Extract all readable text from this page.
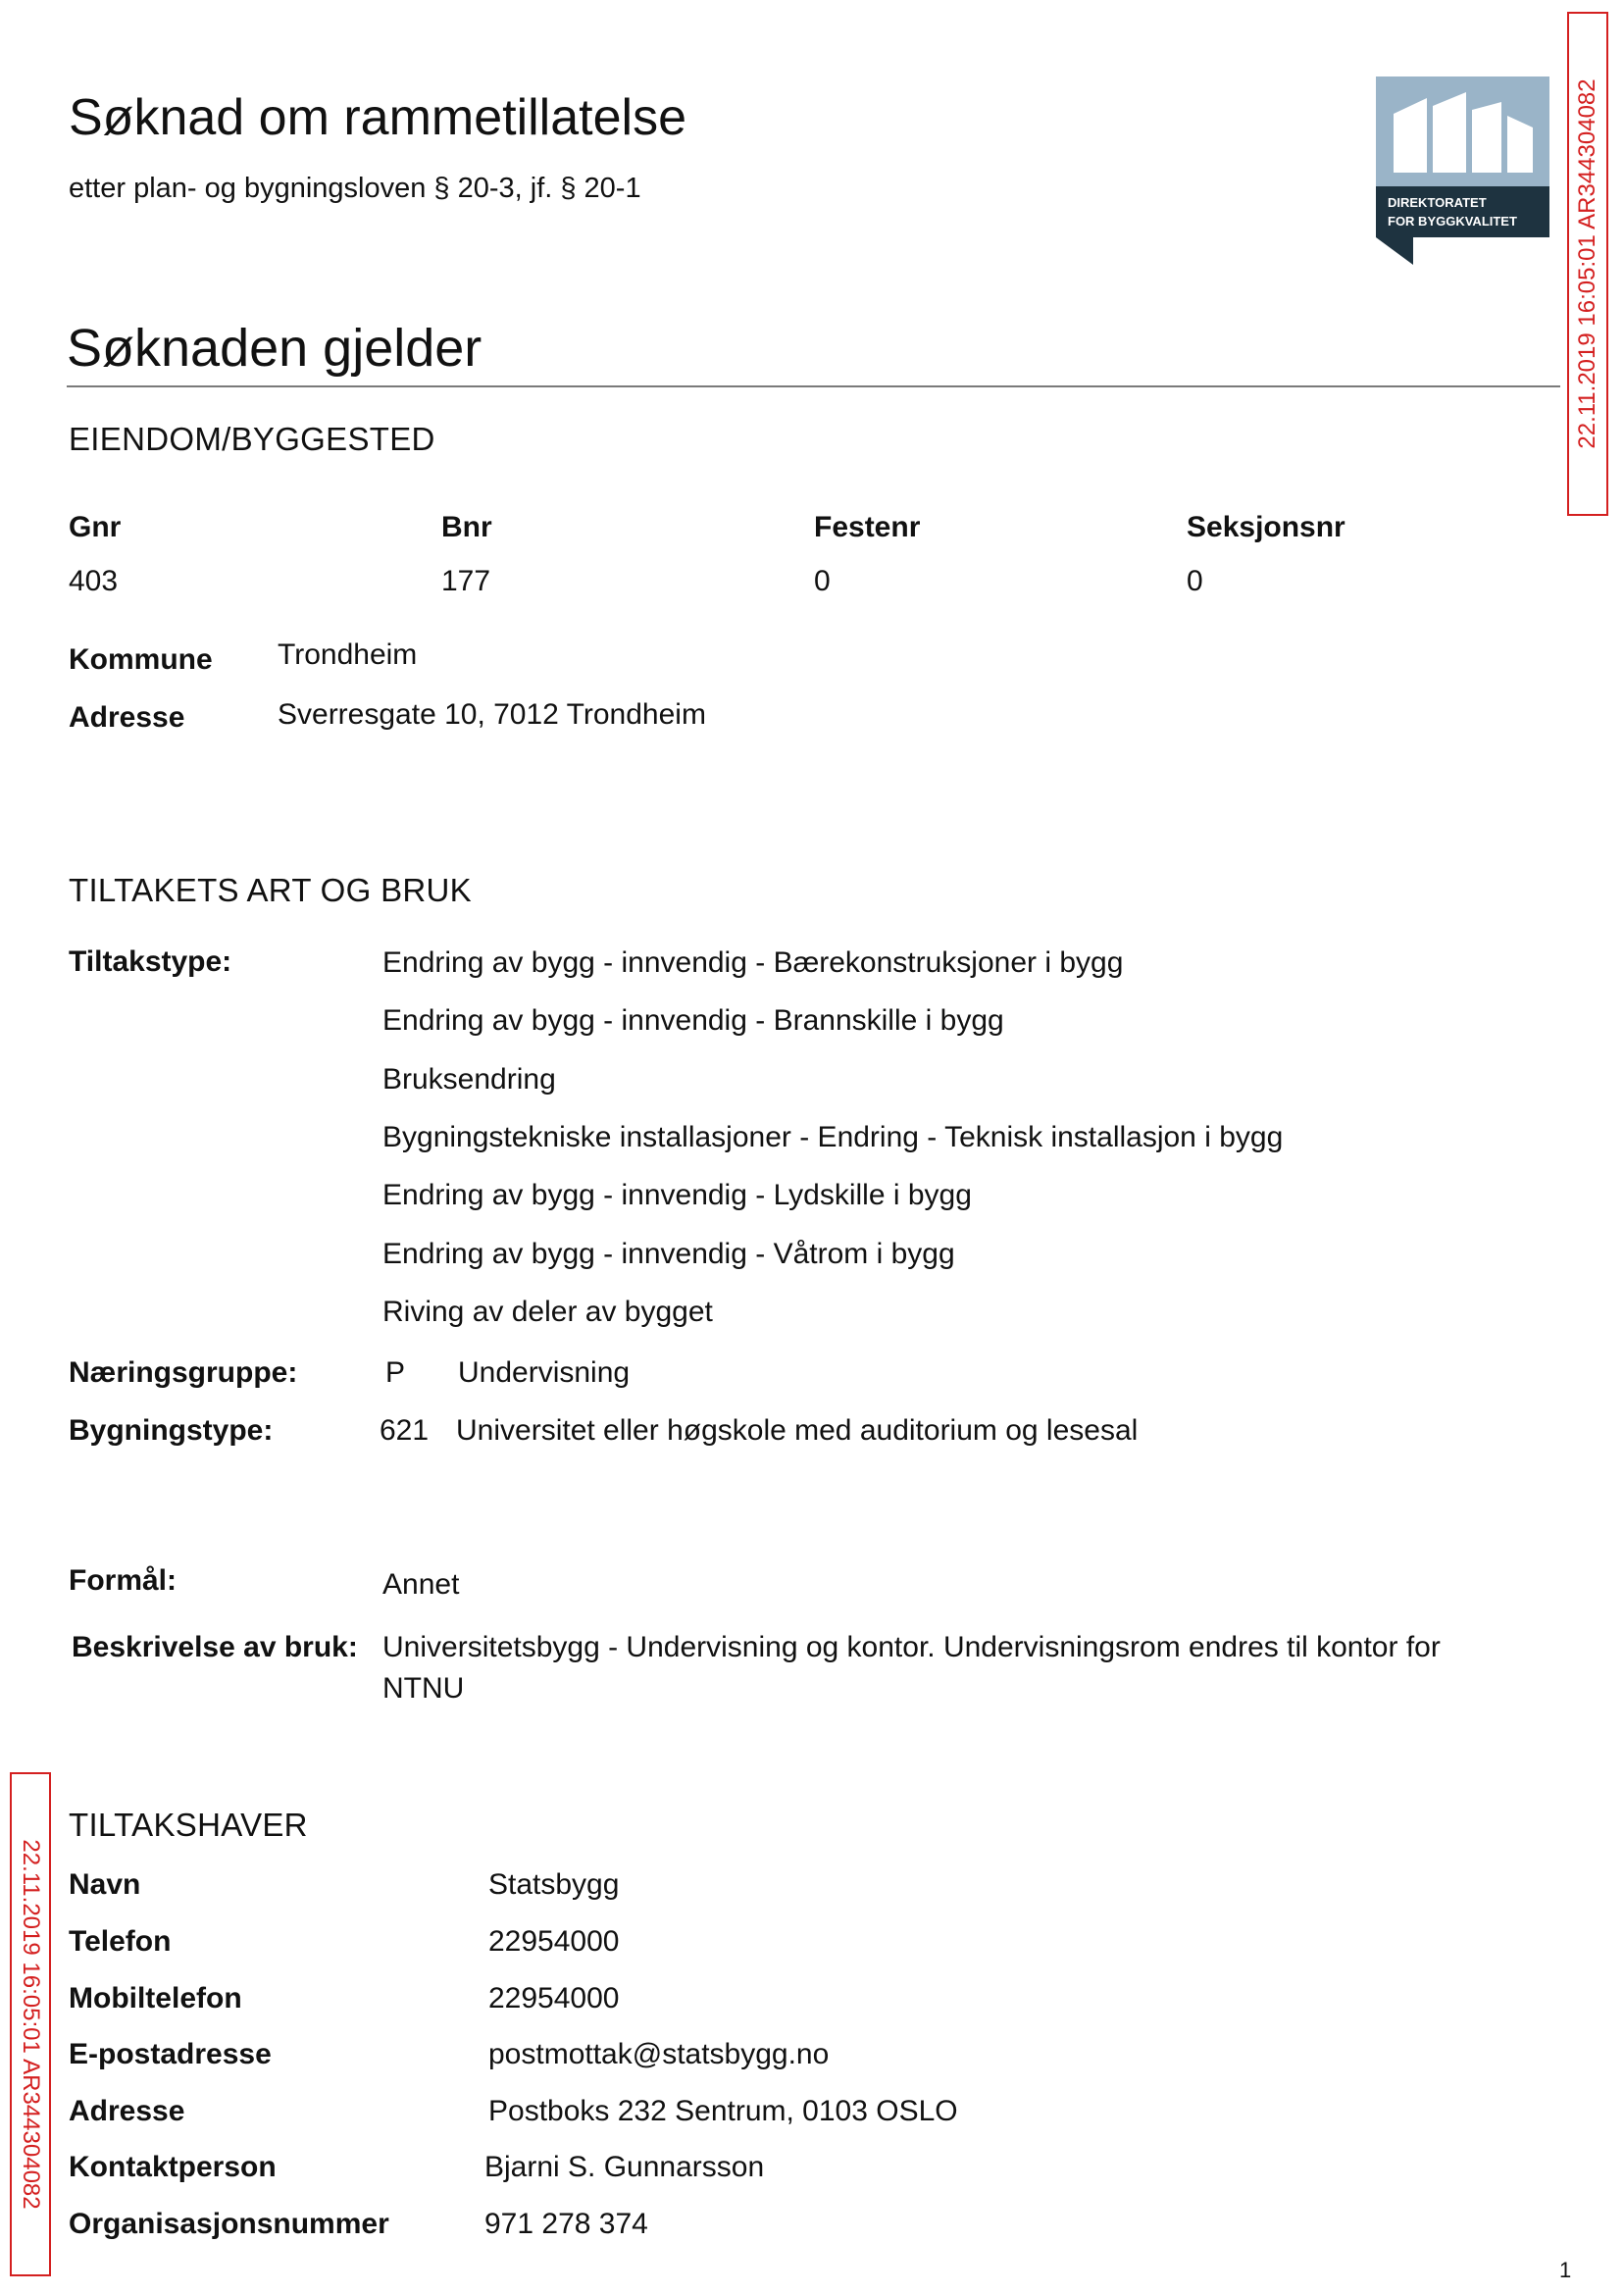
Søknad om rammetillatelse
etter plan- og bygningsloven § 20-3, jf. § 20-1	DIREKTORATET
FOR BYGGKVALITET 22.11.2019 16:05:01 AR344304082
22.11.2019 16:05:01 AR344304082
Søknaden gjelder
EIENDOM/BYGGESTED
Gnr	Bnr	Festenr	Seksjonsnr
403	177	0	0
Kommune Trondheim
Adresse	Sverresgate 10, 7012 Trondheim
TILTAKETS ART OG BRUK
Tiltakstype:	Endring av bygg - innvendig - Bærekonstruksjoner i bygg
Endring av bygg - innvendig - Brannskille i bygg
Bruksendring
Bygningstekniske installasjoner - Endring - Teknisk installasjon i bygg
Endring av bygg - innvendig - Lydskille i bygg
Endring av bygg - innvendig - Våtrom i bygg
Riving av deler av bygget
Næringsgruppe:	P Undervisning
Bygningstype:	621 Universitet eller høgskole med auditorium og lesesal
Formål:	Annet
Beskrivelse av bruk: Universitetsbygg - Undervisning og kontor. Undervisningsrom endres til kontor for
NTNU
TILTAKSHAVER
Navn	Statsbygg
Telefon	22954000
Mobiltelefon	22954000
E-postadresse	postmottak@statsbygg.no
Adresse	Postboks 232 Sentrum, 0103 OSLO
Kontaktperson	Bjarni S. Gunnarsson
Organisasjonsnummer	971 278 374
1
